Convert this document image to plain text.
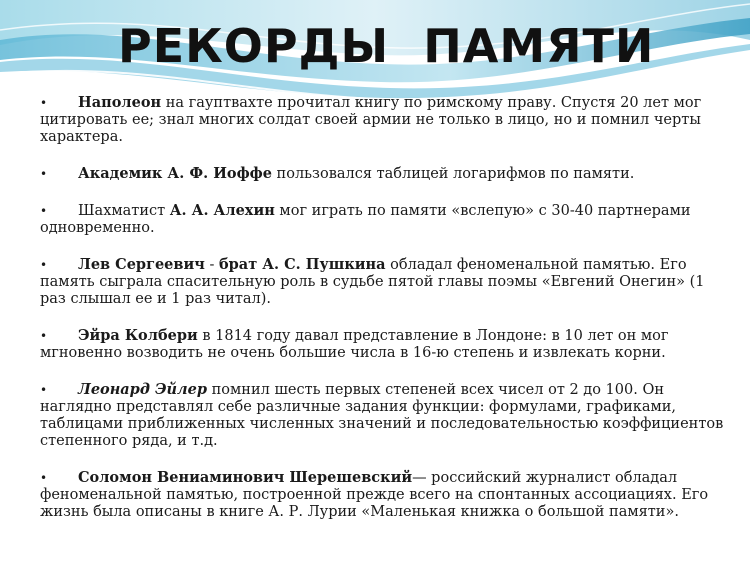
РЕКОРДЫ  ПАМЯТИ
• Наполеон на гауптвахте прочитал книгу по римскому праву. Спустя 20 лет мог цитировать ее; знал многих солдат своей армии не только в лицо, но и помнил черты характера.
• Академик А. Ф. Иоффе пользовался таблицей логарифмов по памяти.
• Шахматист А. А. Алехин мог играть по памяти «вслепую» с 30-40 партнерами одновременно.
• Лев Сергеевич - брат А. С. Пушкина обладал феноменальной памятью. Его память сыграла спасительную роль в судьбе пятой главы поэмы «Евгений Онегин» (1 раз слышал ее и 1 раз читал).
• Эйра Колбери в 1814 году давал представление в Лондоне: в 10 лет он мог мгновенно возводить не очень большие числа в 16-ю степень и извлекать корни.
• Леонард Эйлер помнил шесть первых степеней всех чисел от 2 до 100. Он наглядно представлял себе различные задания функции: формулами, графиками, таблицами приближенных численных значений и последовательностью коэффициентов степенного ряда, и т.д.
• Соломон Вениаминович Шерешевский— российский журналист обладал феноменальной памятью, построенной прежде всего на спонтанных ассоциациях. Его жизнь была описаны в книге А. Р. Лурии «Маленькая книжка о большой памяти».
